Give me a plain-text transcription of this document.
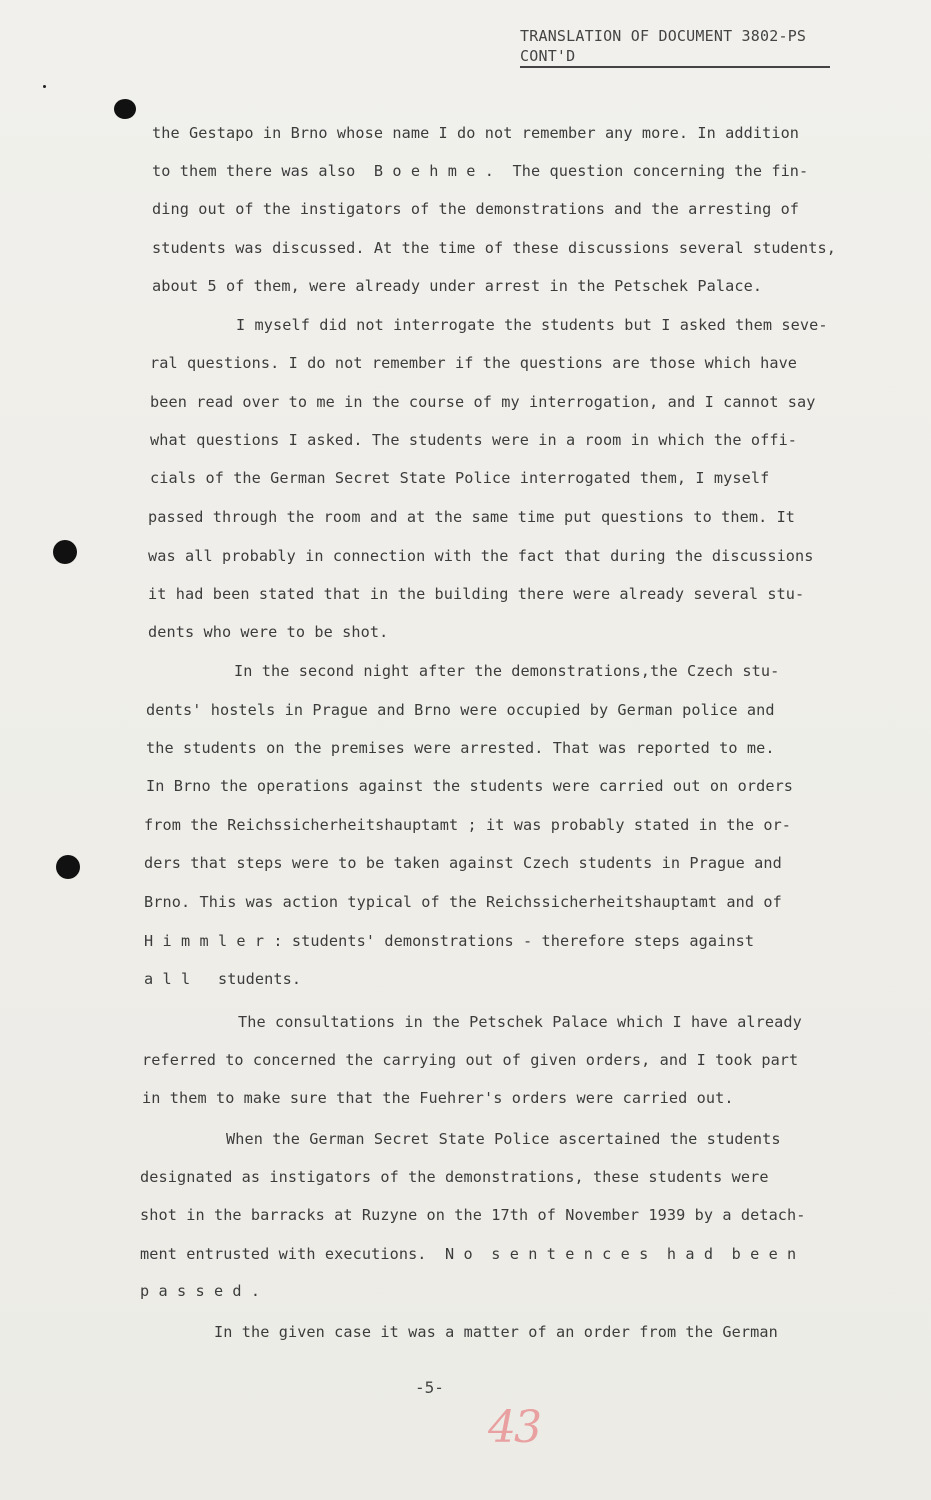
TRANSLATION OF DOCUMENT 3802-PS
CONT'D
the Gestapo in Brno whose name I do not remember any more. In addition
to them there was also  B o e h m e .  The question concerning the fin-
ding out of the instigators of the demonstrations and the arresting of
students was discussed. At the time of these discussions several students,
about 5 of them, were already under arrest in the Petschek Palace.
I myself did not interrogate the students but I asked them seve-
ral questions. I do not remember if the questions are those which have
been read over to me in the course of my interrogation, and I cannot say
what questions I asked. The students were in a room in which the offi-
cials of the German Secret State Police interrogated them, I myself
passed through the room and at the same time put questions to them. It
was all probably in connection with the fact that during the discussions
it had been stated that in the building there were already several stu-
dents who were to be shot.
In the second night after the demonstrations,the Czech stu-
dents' hostels in Prague and Brno were occupied by German police and
the students on the premises were arrested. That was reported to me.
In Brno the operations against the students were carried out on orders
from the Reichssicherheitshauptamt ; it was probably stated in the or-
ders that steps were to be taken against Czech students in Prague and
Brno. This was action typical of the Reichssicherheitshauptamt and of
H i m m l e r : students' demonstrations - therefore steps against
a l l   students.
The consultations in the Petschek Palace which I have already
referred to concerned the carrying out of given orders, and I took part
in them to make sure that the Fuehrer's orders were carried out.
When the German Secret State Police ascertained the students
designated as instigators of the demonstrations, these students were
shot in the barracks at Ruzyne on the 17th of November 1939 by a detach-
ment entrusted with executions.  N o  s e n t e n c e s  h a d  b e e n
p a s s e d .
In the given case it was a matter of an order from the German
-5-
43
